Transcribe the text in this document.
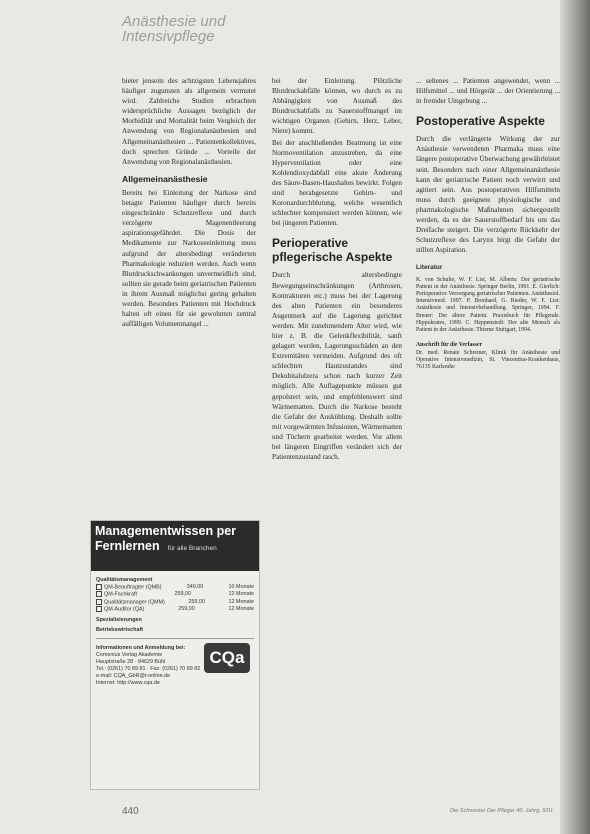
Anästhesie und
Intensivpflege

bieter jenseits des achtzigsten Lebensjahres häufiger zugunsten als allgemein vermutet wird. Zahlreiche Studien erbrachten widersprüchliche Aussagen bezüglich der Morbidität und Mortalität beim Vergleich der Anwendung von Regionalanästhesien und Allgemeinanästhesien ... Patientenkollektives, doch sprechen Gründe ... Vorteile der Anwendung von Regionalanästhesien.

Allgemeinanästhesie

Bereits bei Einleitung der Narkose sind betagte Patienten häufiger durch bereits eingeschränkte Schutzreflexe und durch verzögerte Magenentleerung aspirationsgefährdet. Die Dosis der Medikamente zur Narkoseeinleitung muss aufgrund der altersbedingt veränderten Pharmakologie reduziert werden. Auch wenn Blutdruckschwankungen unvermeidlich sind, sollten sie gerade beim geriatrischen Patienten in ihrem Ausmaß möglichst gering gehalten werden. Besonders Patienten mit Hochdruck halten oft einen für sie gewohnten zentral auffälligen Volumenmangel ...

Managementwissen per
Fernlernen für alle Branchen
Qualitätsmanagement
QM-Beauftragter (QMB)	349,00	10 Monate
QM-Fachkraft	259,00	12 Monate
Qualitätsmanager (QMM)	259,00	12 Monate
QM-Auditor (QA)	259,00	12 Monate
Spezialisierungen
Betriebswirtschaft
Informationen und Anmeldung bei:
Comenius Verlag Akademie
Hauptstraße 28 · 84629 Bühl
Tel.: (0261) 70 89 81 · Fax: (0261) 70 89 82
e-mail: CQA_GbR@t-online.de
Internet: http://www.cqa.de
CQa

bei der Einleitung. Plötzliche Blutdruckabfälle können, wo durch es zu Abhängigkeit von Ausmaß des Blutdruckabfalls zu Sauerstoffmangel im wichtigen Organen (Gehirn, Herz, Leber, Niere) kommt.

Bei der anschließenden Beatmung ist eine Normoventilation anzustreben, da eine Hyperventilation oder eine Kohlendioxydabfall eine akute Änderung des Säure-Basen-Haushaltes bewirkt. Folgen sind herabgesetzte Gehirn- und Koronardurchblutung, welche wesentlich schlechter kompensiert werden können, wie bei jüngeren Patienten.

Perioperative pflegerische Aspekte

Durch altersbedingte Bewegungseinschränkungen (Arthrosen, Kontrakturen etc.) muss bei der Lagerung des alten Patienten ein besonderes Augenmerk auf die Lagerung gerichtet werden. Mit zunehmendem Alter wird, wie hier z. B. die Gelenkflexibilität, sanft gelagert werden, Lagerungsschäden an den Extremitäten vermeiden. Aufgrund des oft schlechten Hautzustandes sind Dekubitalulzera schon nach kurzer Zeit möglich. Alle Auflagepunkte müssen gut gepolstert sein, und empfehlenswert sind Wärmematten. Durch die Narkose besteht die Gefahr der Auskühlung. Deshalb sollte mit vorgewärmten Infusionen, Wärmematten und Tüchern gearbeitet werden. Vor allem bei längeren Eingriffen verändert sich der Patientenzustand rasch.

... seltenes ... Patienten angewendet, wenn ... Hilfsmittel ... und Hörgerät ... der Orientierung ... in fremder Umgebung ...

Postoperative Aspekte

Durch die verlängerte Wirkung der zur Anästhesie verwendeten Pharmaka muss eine längere postoperative Überwachung gewährleistet sein. Besonders nach einer Allgemeinanästhesie kann der geriatrische Patient noch verwirrt und agitiert sein. Aus postoperativen Hilfsmitteln muss durch geeignete physiologische und pharmakologische Maßnahmen sichergestellt werden, da es der Sauerstoffbedarf bis um das Dreifache steigert. Die verzögerte Rückkehr der Schutzreflexe des Larynx birgt die Gefahr der stillen Aspiration.

Literatur
K. von Schulte, W. F. List, M. Alberts: Der geriatrische Patient in der Anästhesie. Springer Berlin, 1991. E. Gierlich: Perioperative Versorgung geriatrischer Patienten. Anästhesiol. Intensivmed. 1997. P. Bomhard, G. Rieder, W. F. List: Anästhesie und Intensivbehandlung. Springer, 1994. F. Breuer: Der ältere Patient. Praxisbuch für Pflegende. Hippokrates, 1999. C. Heppenstedt: Der alte Mensch als Patient in der Anästhesie. Thieme Stuttgart, 1994.
Anschrift für die Verfasser
Dr. med. Renate Schreiner, Klinik für Anästhesie und Operative Intensivmedizin, St. Vincentius-Krankenhaus, 76135 Karlsruhe
440	Die Schwester Der Pfleger 40. Jahrg. 5/01
